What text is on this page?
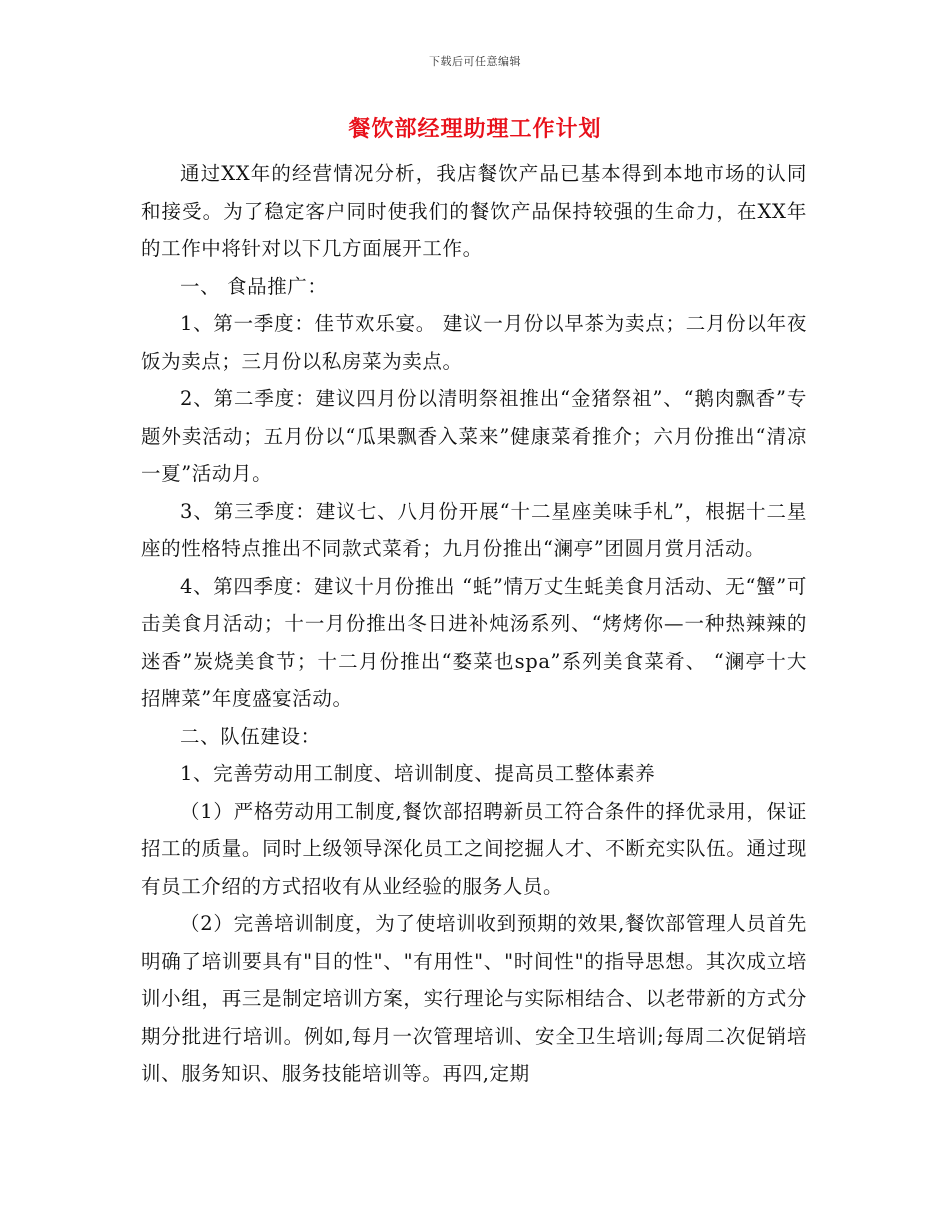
下载后可任意编辑
餐饮部经理助理工作计划

通过XX年的经营情况分析，我店餐饮产品已基本得到本地市场的认同和接受。为了稳定客户同时使我们的餐饮产品保持较强的生命力，在XX年的工作中将针对以下几方面展开工作。

一、 食品推广：

1、第一季度：佳节欢乐宴。 建议一月份以早茶为卖点；二月份以年夜饭为卖点；三月份以私房菜为卖点。

2、第二季度：建议四月份以清明祭祖推出“金猪祭祖”、“鹅肉飘香”专题外卖活动；五月份以“瓜果飘香入菜来”健康菜肴推介；六月份推出“清凉一夏”活动月。

3、第三季度：建议七、八月份开展“十二星座美味手札”，根据十二星座的性格特点推出不同款式菜肴；九月份推出“澜亭”团圆月赏月活动。

4、第四季度：建议十月份推出 “蚝”情万丈生蚝美食月活动、无“蟹”可击美食月活动；十一月份推出冬日进补炖汤系列、“烤烤你—一种热辣辣的迷香”炭烧美食节；十二月份推出“婺菜也spa”系列美食菜肴、 “澜亭十大招牌菜”年度盛宴活动。

二、队伍建设：

1、完善劳动用工制度、培训制度、提高员工整体素养

（1）严格劳动用工制度,餐饮部招聘新员工符合条件的择优录用，保证招工的质量。同时上级领导深化员工之间挖掘人才、不断充实队伍。通过现有员工介绍的方式招收有从业经验的服务人员。

（2）完善培训制度，为了使培训收到预期的效果,餐饮部管理人员首先明确了培训要具有"目的性"、"有用性"、"时间性"的指导思想。其次成立培训小组，再三是制定培训方案，实行理论与实际相结合、以老带新的方式分期分批进行培训。例如,每月一次管理培训、安全卫生培训;每周二次促销培训、服务知识、服务技能培训等。再四,定期
